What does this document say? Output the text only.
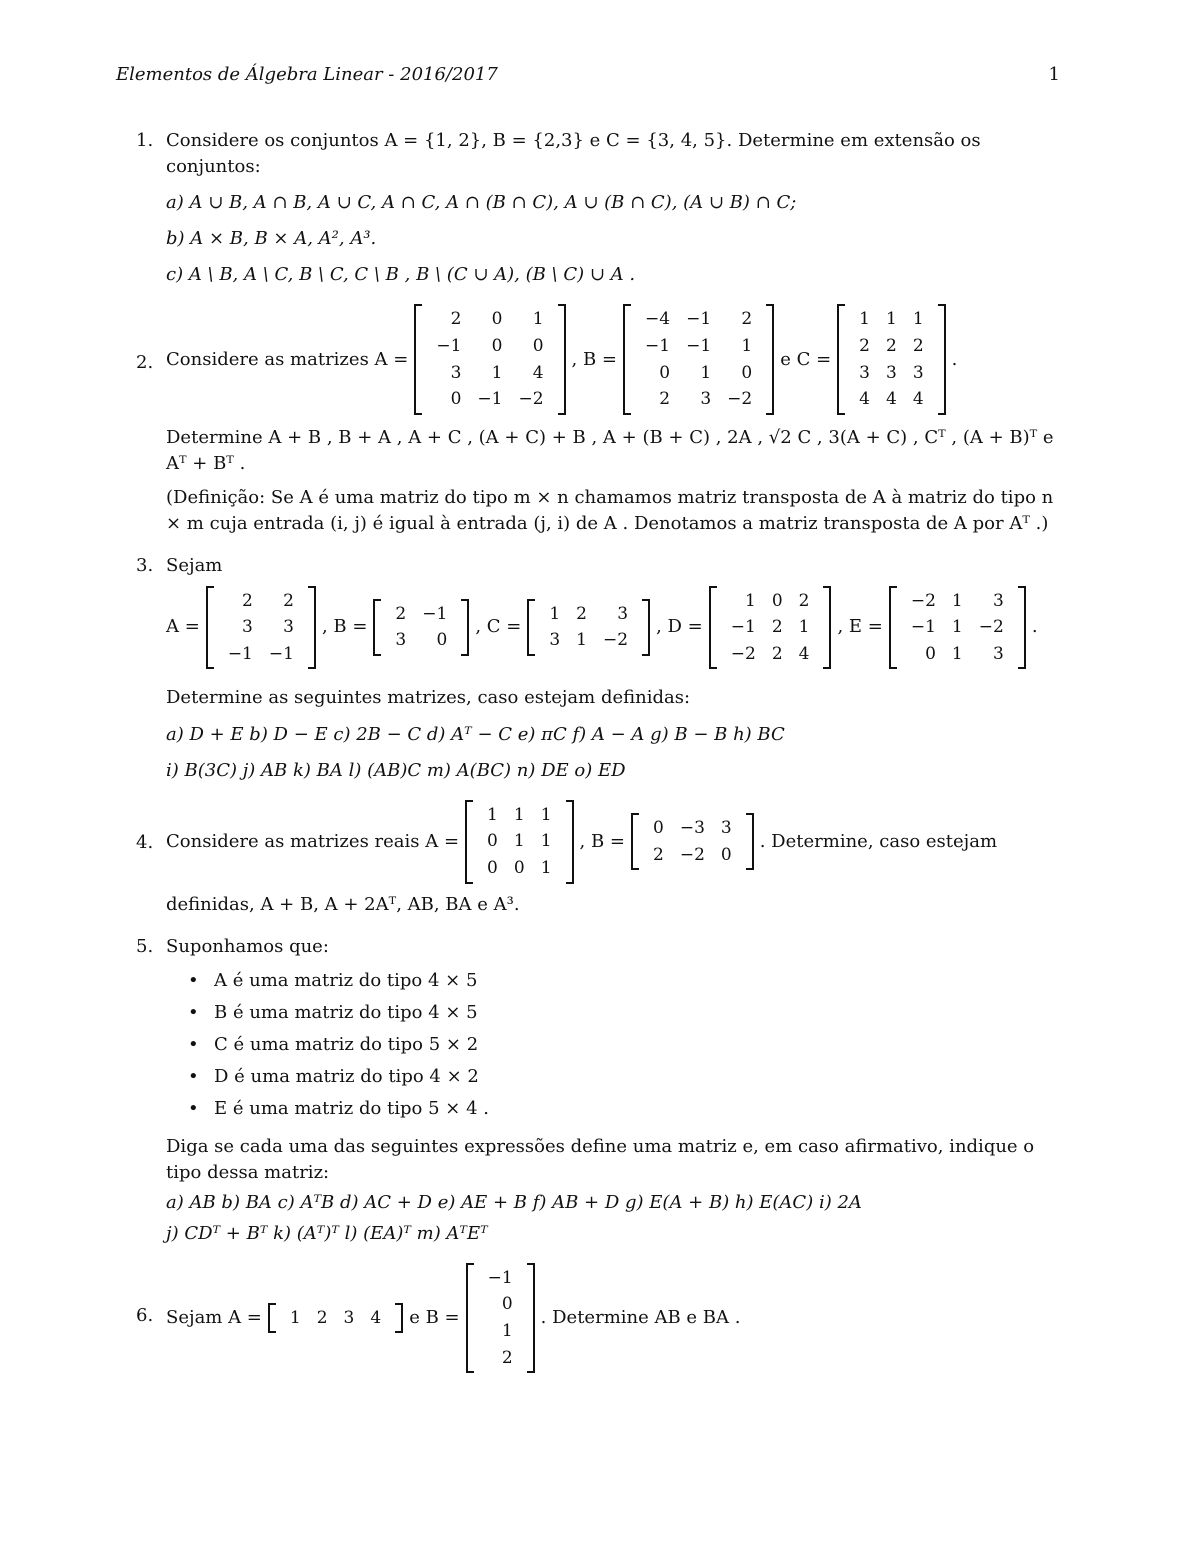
Elementos de Álgebra Linear - 2016/2017	1
1. Considere os conjuntos A = {1, 2}, B = {2,3} e C = {3, 4, 5}. Determine em extensão os conjuntos:

a) A ∪ B, A ∩ B, A ∪ C, A ∩ C, A ∩ (B ∩ C), A ∪ (B ∩ C), (A ∪ B) ∩ C;

b) A × B, B × A, A², A³.

c) A \ B, A \ C, B \ C, C \ B , B \ (C ∪ A), (B \ C) ∪ A .

2. Considere as matrizes A =
2	0	1
−1	0	0
3	1	4
0	−1	−2
, B =
−4	−1	2
−1	−1	1
0	1	0
2	3	−2
e C =
1	1	1
2	2	2
3	3	3
4	4	4
.

Determine A + B , B + A , A + C , (A + C) + B , A + (B + C) , 2A , √2 C , 3(A + C) , Cᵀ , (A + B)ᵀ e Aᵀ + Bᵀ .

(Definição: Se A é uma matriz do tipo m × n chamamos matriz transposta de A à matriz do tipo n × m cuja entrada (i, j) é igual à entrada (j, i) de A . Denotamos a matriz transposta de A por Aᵀ .)

3. Sejam

A =
2	2
3	3
−1	−1
, B =
2	−1
3	0
, C =
1	2	3
3	1	−2
, D =
1	0	2
−1	2	1
−2	2	4
, E =
−2	1	3
−1	1	−2
0	1	3
.

Determine as seguintes matrizes, caso estejam definidas:

a) D + E b) D − E c) 2B − C d) Aᵀ − C e) πC f) A − A g) B − B h) BC

i) B(3C) j) AB k) BA l) (AB)C m) A(BC) n) DE o) ED

4. Considere as matrizes reais A =
1	1	1
0	1	1
0	0	1
, B =
0	−3	3
2	−2	0
. Determine, caso estejam

definidas, A + B, A + 2Aᵀ, AB, BA e A³.

5. Suponhamos que:

• A é uma matriz do tipo 4 × 5
• B é uma matriz do tipo 4 × 5
• C é uma matriz do tipo 5 × 2
• D é uma matriz do tipo 4 × 2
• E é uma matriz do tipo 5 × 4 .

Diga se cada uma das seguintes expressões define uma matriz e, em caso afirmativo, indique o tipo dessa matriz:

a) AB b) BA c) AᵀB d) AC + D e) AE + B f) AB + D g) E(A + B) h) E(AC) i) 2A

j) CDᵀ + Bᵀ k) (Aᵀ)ᵀ l) (EA)ᵀ m) AᵀEᵀ

6. Sejam A = 1	2	3	4 e B =
−1
0
1
2
. Determine AB e BA .
